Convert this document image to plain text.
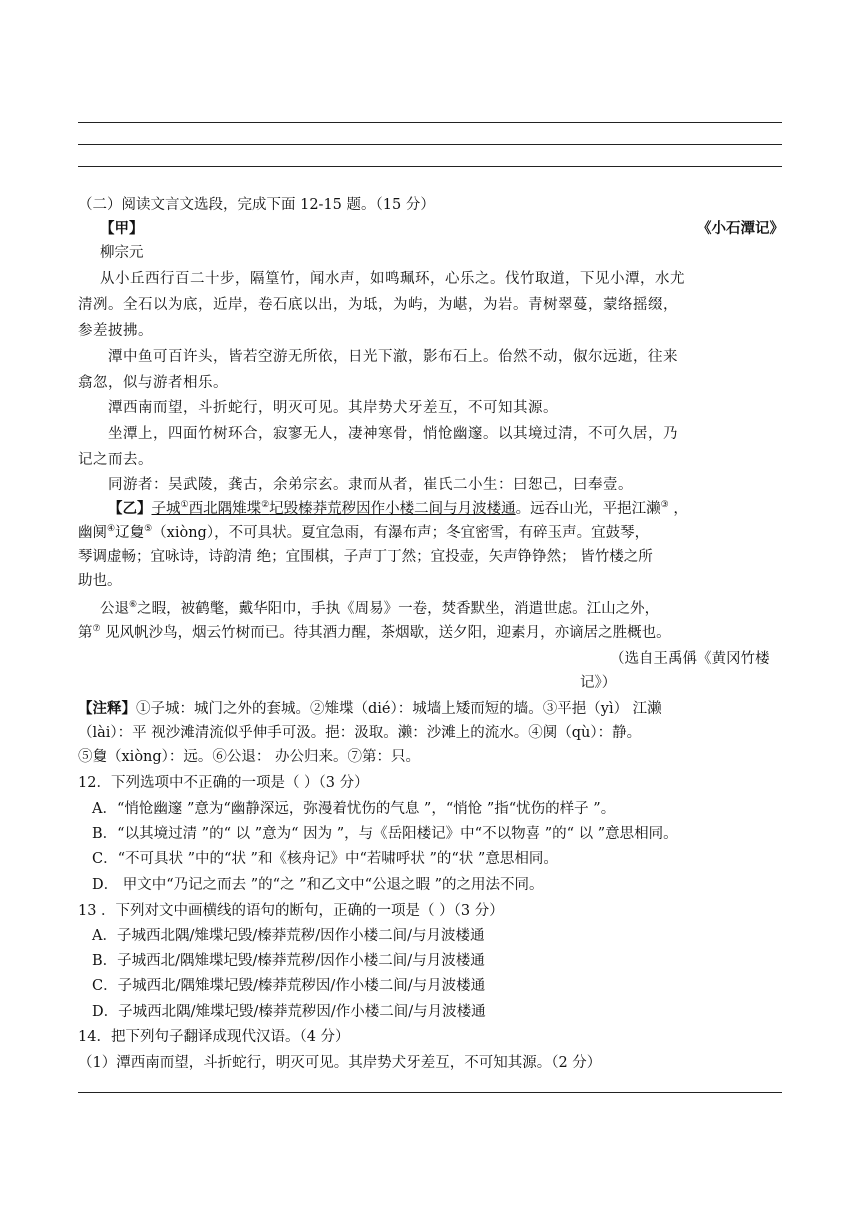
（二）阅读文言文选段，完成下面 12-15 题。（15 分）
【甲】	《小石潭记》
柳宗元
从小丘西行百二十步，隔篁竹，闻水声，如鸣珮环，心乐之。伐竹取道，下见小潭，水尤
清冽。全石以为底，近岸，卷石底以出，为坻，为屿，为嵁，为岩。青树翠蔓，蒙络摇缀，
参差披拂。
潭中鱼可百许头，皆若空游无所依，日光下澈，影布石上。佁然不动，俶尔远逝，往来
翕忽，似与游者相乐。
潭西南而望，斗折蛇行，明灭可见。其岸势犬牙差互，不可知其源。
坐潭上，四面竹树环合，寂寥无人，凄神寒骨，悄怆幽邃。以其境过清，不可久居，乃
记之而去。
同游者：吴武陵，龚古，余弟宗玄。隶而从者，崔氏二小生：曰恕己，曰奉壹。
【乙】子城①西北隅雉堞②圮毁榛莽荒秽因作小楼二间与月波楼通。远吞山光，平挹江濑③ ，
幽阒④辽敻⑤（xiòng），不可具状。夏宜急雨，有瀑布声；冬宜密雪，有碎玉声。宜鼓琴，
琴调虚畅；宜咏诗，诗韵清 绝；宜围棋，子声丁丁然；宜投壶，矢声铮铮然； 皆竹楼之所
助也。
公退⑥之暇，被鹤氅，戴华阳巾，手执《周易》一卷，焚香默坐，消遣世虑。江山之外，
第⑦ 见风帆沙鸟，烟云竹树而已。待其酒力醒，茶烟歇，送夕阳，迎素月，亦谪居之胜概也。
（选自王禹偁《黄冈竹楼
记》）
【注释】①子城：城门之外的套城。②雉堞（dié）：城墙上矮而短的墙。③平挹（yì） 江濑
（lài）：平 视沙滩清流似乎伸手可汲。挹：汲取。濑：沙滩上的流水。④阒（qù）：静。
⑤敻（xiòng）：远。⑥公退： 办公归来。⑦第：只。
12．下列选项中不正确的一项是（ ）（3 分）
A．“悄怆幽邃 ”意为“幽静深远，弥漫着忧伤的气息 ”，“悄怆 ”指“忧伤的样子 ”。
B．“以其境过清 ”的“ 以 ”意为“ 因为 ”，与《岳阳楼记》中“不以物喜 ”的“ 以 ”意思相同。
C．“不可具状 ”中的“状 ”和《核舟记》中“若啸呼状 ”的“状 ”意思相同。
D． 甲文中“乃记之而去 ”的“之 ”和乙文中“公退之暇 ”的之用法不同。
13 ．下列对文中画横线的语句的断句，正确的一项是（ ）（3 分）
A．子城西北隅/雉堞圮毁/榛莽荒秽/因作小楼二间/与月波楼通
B．子城西北/隅雉堞圮毁/榛莽荒秽/因作小楼二间/与月波楼通
C．子城西北/隅雉堞圮毁/榛莽荒秽因/作小楼二间/与月波楼通
D．子城西北隅/雉堞圮毁/榛莽荒秽因/作小楼二间/与月波楼通
14．把下列句子翻译成现代汉语。（4 分）
（1）潭西南而望，斗折蛇行，明灭可见。其岸势犬牙差互，不可知其源。（2 分）
